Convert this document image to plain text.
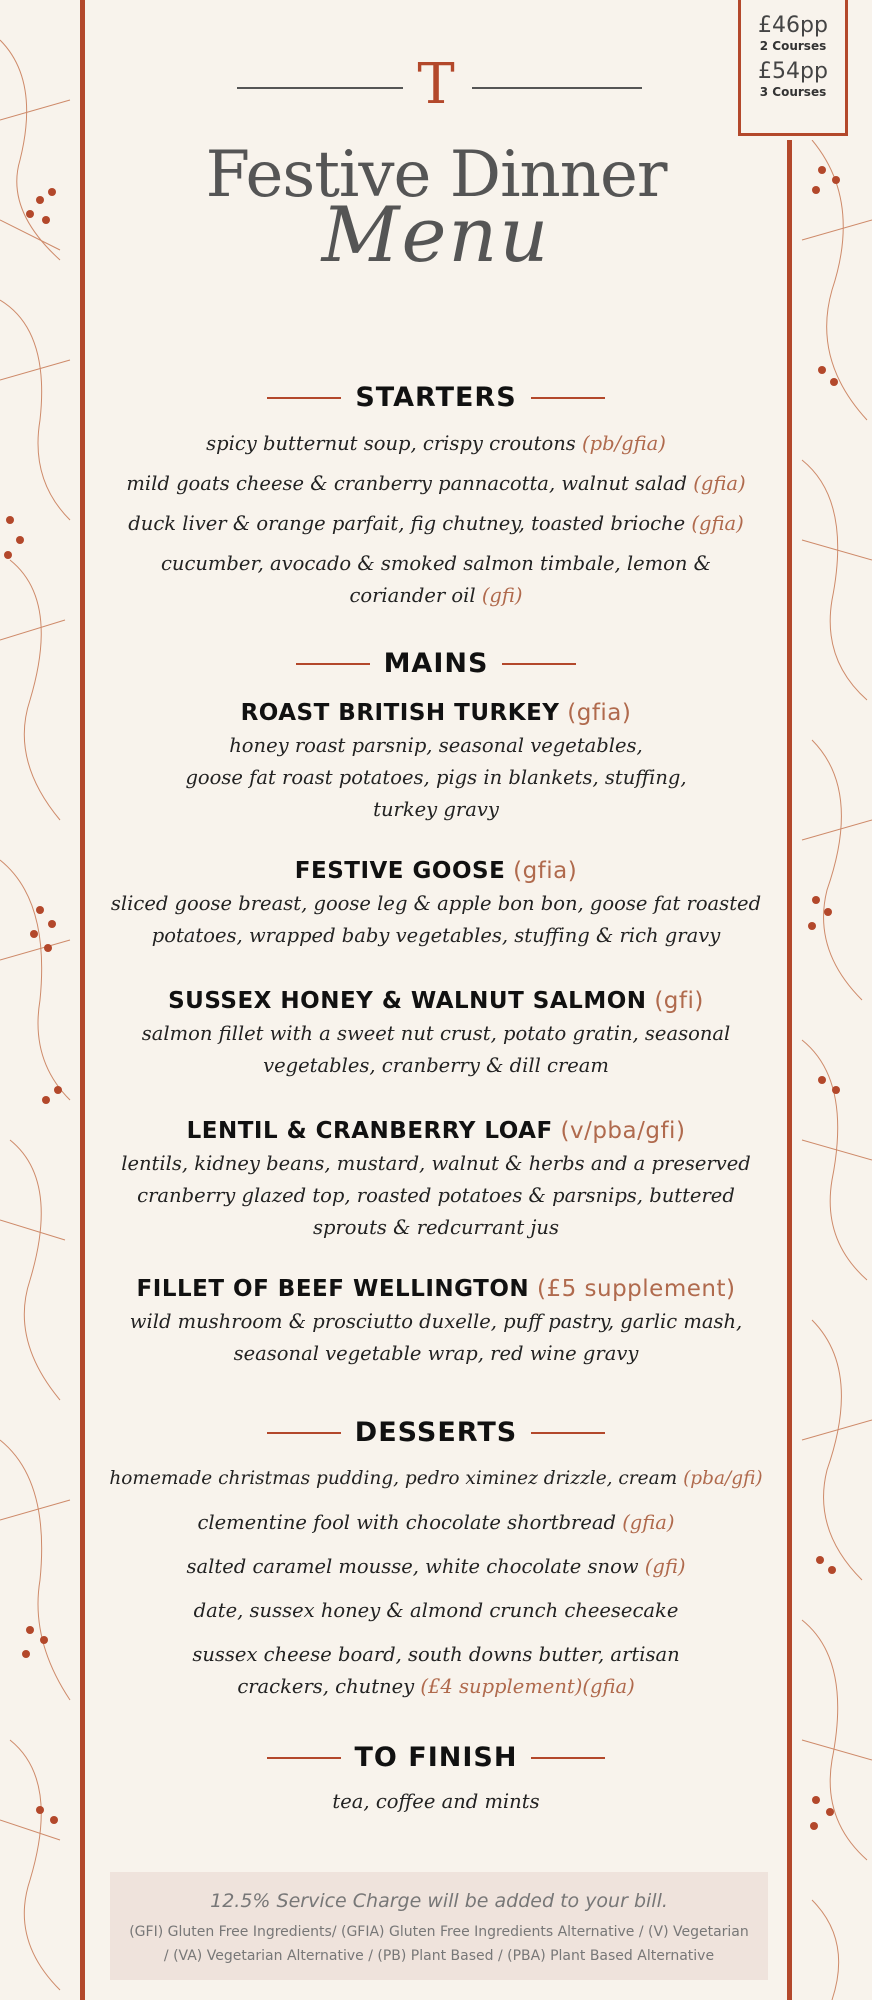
£46pp
2 Courses
£54pp
3 Courses
T
Festive Dinner
Menu
STARTERS
spicy butternut soup, crispy croutons (pb/gfia)
mild goats cheese & cranberry pannacotta, walnut salad (gfia)
duck liver & orange parfait, fig chutney, toasted brioche (gfia)
cucumber, avocado & smoked salmon timbale, lemon & coriander oil (gfi)
MAINS
ROAST BRITISH TURKEY (gfia)
honey roast parsnip, seasonal vegetables,
goose fat roast potatoes, pigs in blankets, stuffing,
turkey gravy
FESTIVE GOOSE (gfia)
sliced goose breast, goose leg & apple bon bon, goose fat roasted
potatoes, wrapped baby vegetables, stuffing & rich gravy
SUSSEX HONEY & WALNUT SALMON (gfi)
salmon fillet with a sweet nut crust, potato gratin, seasonal
vegetables, cranberry & dill cream
LENTIL & CRANBERRY LOAF (v/pba/gfi)
lentils, kidney beans, mustard, walnut & herbs and a preserved
cranberry glazed top, roasted potatoes & parsnips, buttered
sprouts & redcurrant jus
FILLET OF BEEF WELLINGTON (£5 supplement)
wild mushroom & prosciutto duxelle, puff pastry, garlic mash,
seasonal vegetable wrap, red wine gravy
DESSERTS
homemade christmas pudding, pedro ximinez drizzle, cream (pba/gfi)
clementine fool with chocolate shortbread (gfia)
salted caramel mousse, white chocolate snow (gfi)
date, sussex honey & almond crunch cheesecake
sussex cheese board, south downs butter, artisan crackers, chutney (£4 supplement)(gfia)
TO FINISH
tea, coffee and mints
12.5% Service Charge will be added to your bill.
(GFI) Gluten Free Ingredients/ (GFIA) Gluten Free Ingredients Alternative / (V) Vegetarian
/ (VA) Vegetarian Alternative / (PB) Plant Based / (PBA) Plant Based Alternative
